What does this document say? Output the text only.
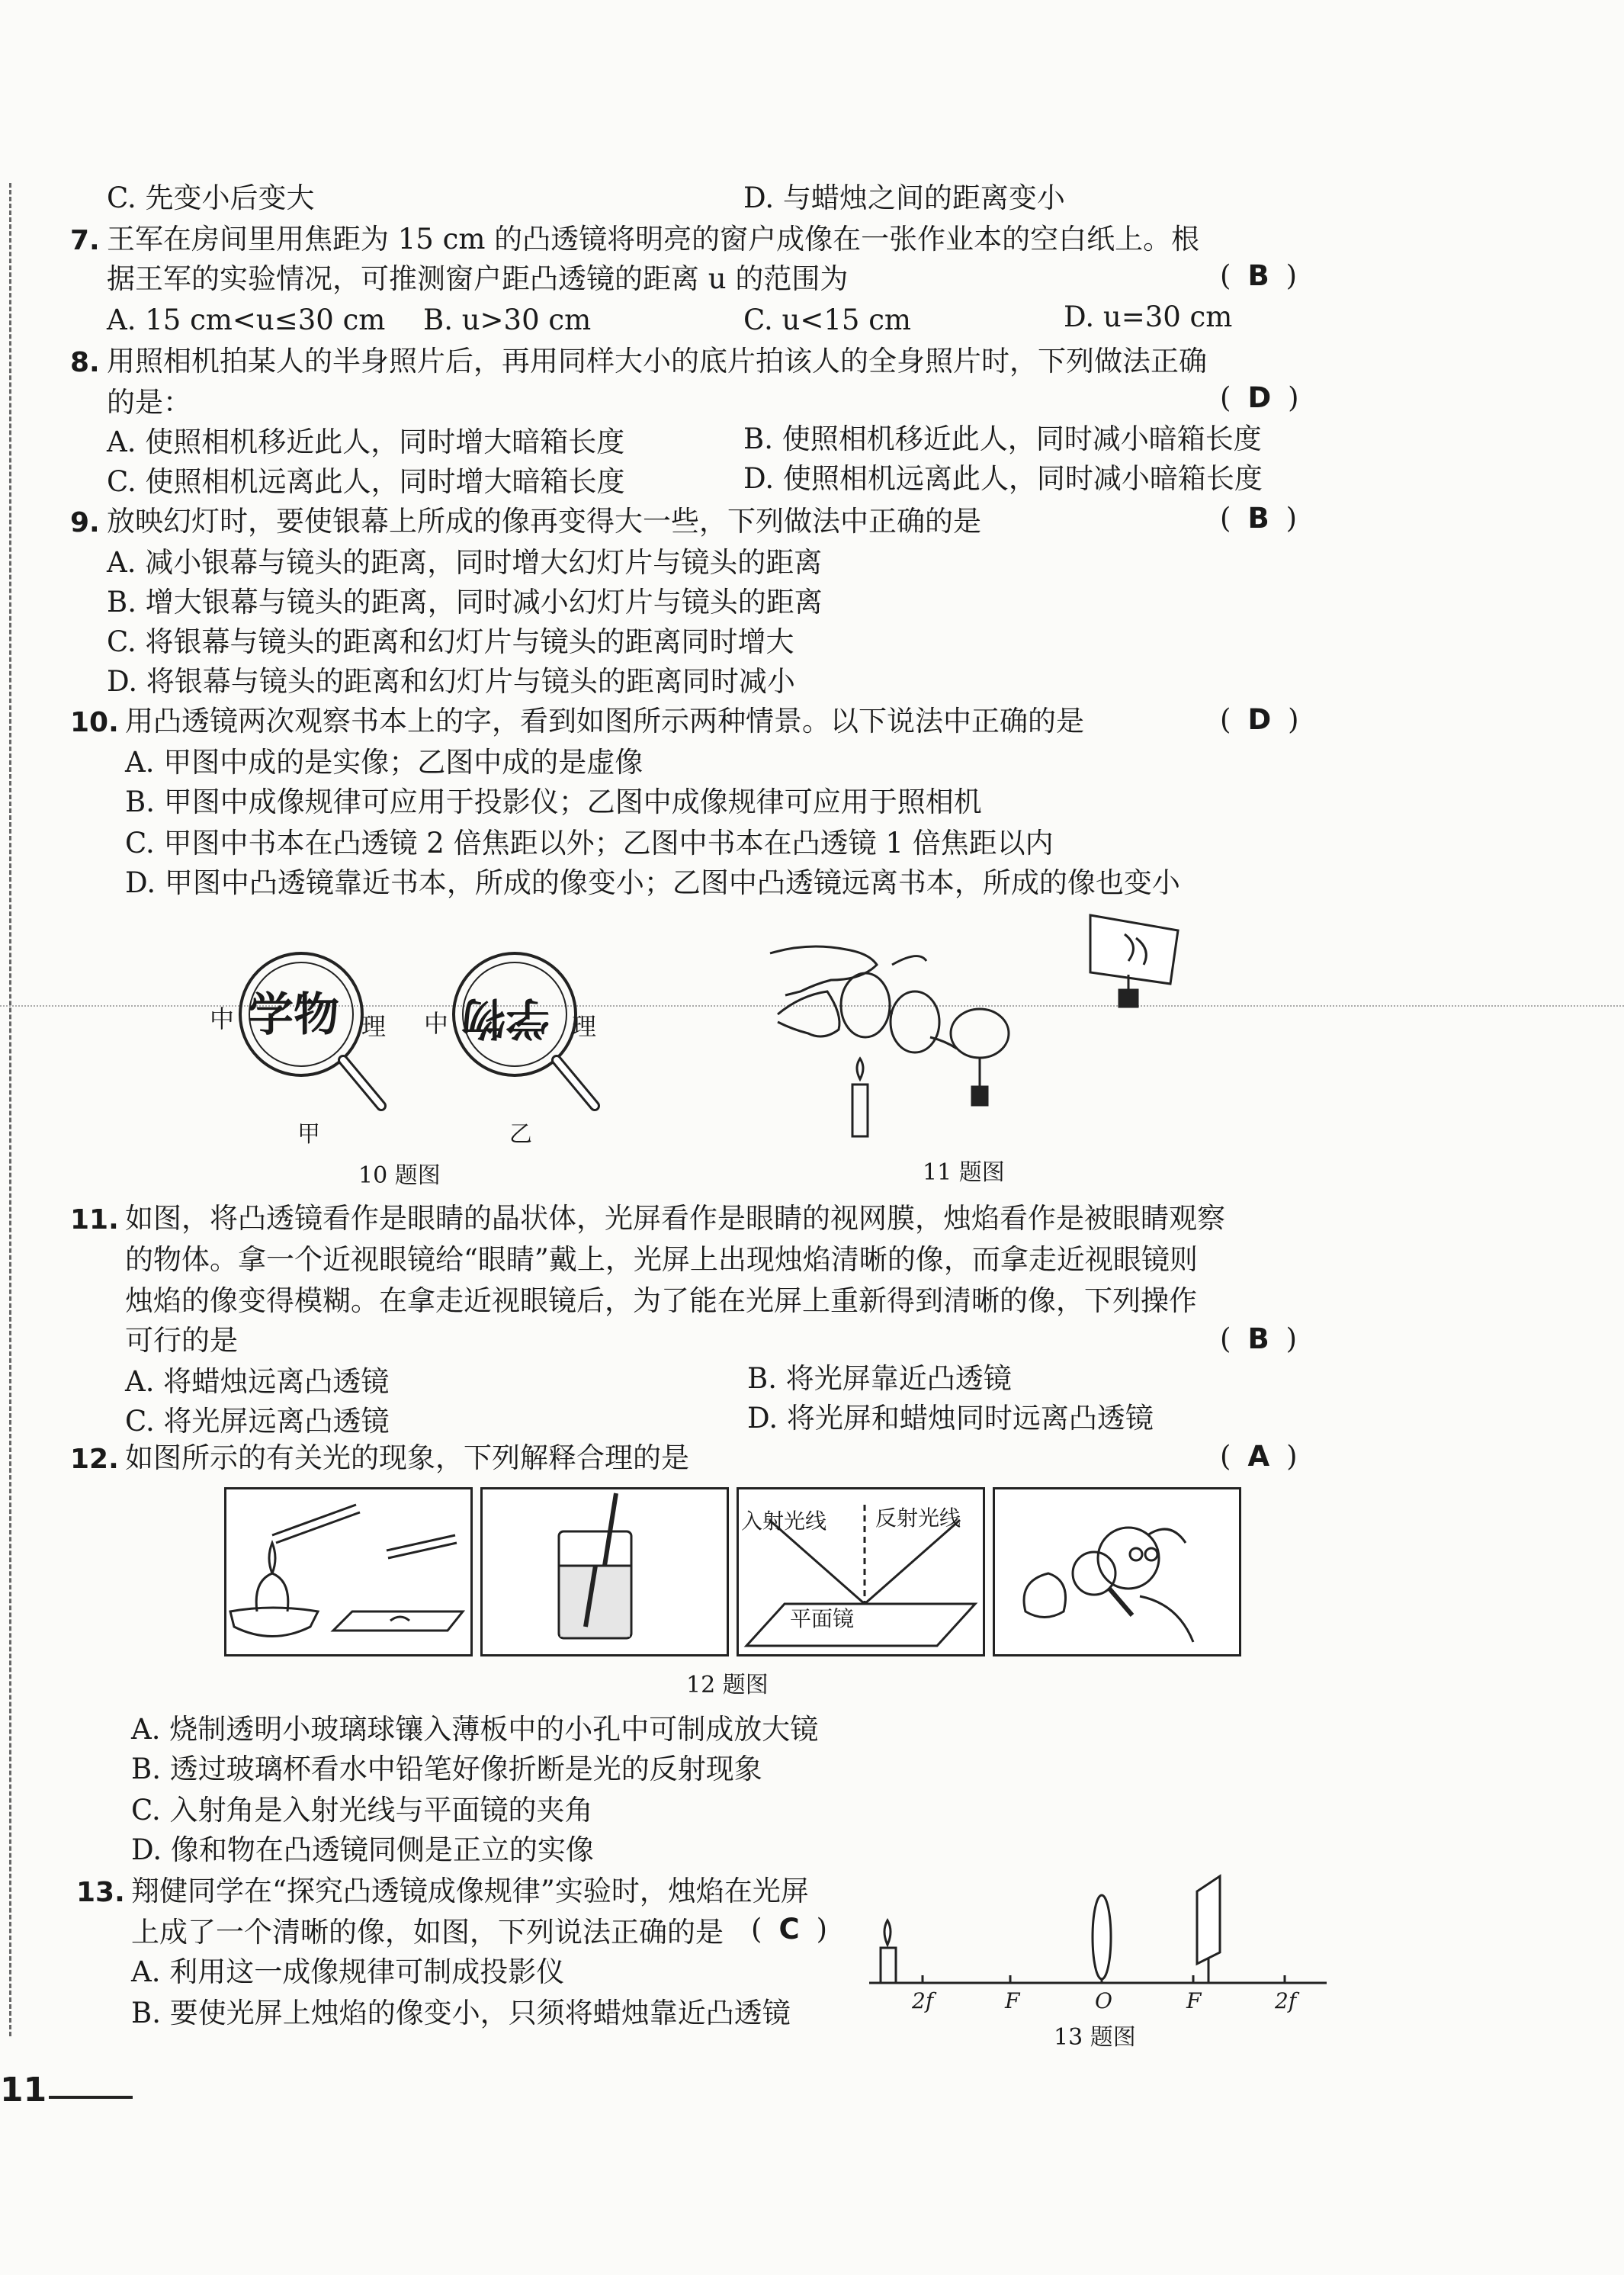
C. 先变小后变大	D. 与蜡烛之间的距离变小
7. 王军在房间里用焦距为 15 cm 的凸透镜将明亮的窗户成像在一张作业本的空白纸上。根
据王军的实验情况，可推测窗户距凸透镜的距离 u 的范围为	( B )
A. 15 cm<u≤30 cm B. u>30 cm	C. u<15 cm	D. u=30 cm
8. 用照相机拍某人的半身照片后，再用同样大小的底片拍该人的全身照片时，下列做法正确
的是：	( D )
A. 使照相机移近此人，同时增大暗箱长度	B. 使照相机移近此人，同时减小暗箱长度
C. 使照相机远离此人，同时增大暗箱长度	D. 使照相机远离此人，同时减小暗箱长度
9. 放映幻灯时，要使银幕上所成的像再变得大一些，下列做法中正确的是	( B )
A. 减小银幕与镜头的距离，同时增大幻灯片与镜头的距离
B. 增大银幕与镜头的距离，同时减小幻灯片与镜头的距离
C. 将银幕与镜头的距离和幻灯片与镜头的距离同时增大
D. 将银幕与镜头的距离和幻灯片与镜头的距离同时减小
10. 用凸透镜两次观察书本上的字，看到如图所示两种情景。以下说法中正确的是	( D )
A. 甲图中成的是实像；乙图中成的是虚像
B. 甲图中成像规律可应用于投影仪；乙图中成像规律可应用于照相机
C. 甲图中书本在凸透镜 2 倍焦距以外；乙图中书本在凸透镜 1 倍焦距以内
D. 甲图中凸透镜靠近书本，所成的像变小；乙图中凸透镜远离书本，所成的像也变小
中 学物 理 中 学物 理
甲	乙
10 题图	11 题图
11. 如图，将凸透镜看作是眼睛的晶状体，光屏看作是眼睛的视网膜，烛焰看作是被眼睛观察
的物体。拿一个近视眼镜给“眼睛”戴上，光屏上出现烛焰清晰的像，而拿走近视眼镜则
烛焰的像变得模糊。在拿走近视眼镜后，为了能在光屏上重新得到清晰的像，下列操作
可行的是	( B )
A. 将蜡烛远离凸透镜	B. 将光屏靠近凸透镜
C. 将光屏远离凸透镜	D. 将光屏和蜡烛同时远离凸透镜
12. 如图所示的有关光的现象，下列解释合理的是	( A )
入射光线 反射光线
平面镜
12 题图
A. 烧制透明小玻璃球镶入薄板中的小孔中可制成放大镜
B. 透过玻璃杯看水中铅笔好像折断是光的反射现象
C. 入射角是入射光线与平面镜的夹角
D. 像和物在凸透镜同侧是正立的实像
13. 翔健同学在“探究凸透镜成像规律”实验时，烛焰在光屏
上成了一个清晰的像，如图，下列说法正确的是 ( C )
A. 利用这一成像规律可制成投影仪
B. 要使光屏上烛焰的像变小，只须将蜡烛靠近凸透镜	2f	F	O	F	2f
13 题图
11
